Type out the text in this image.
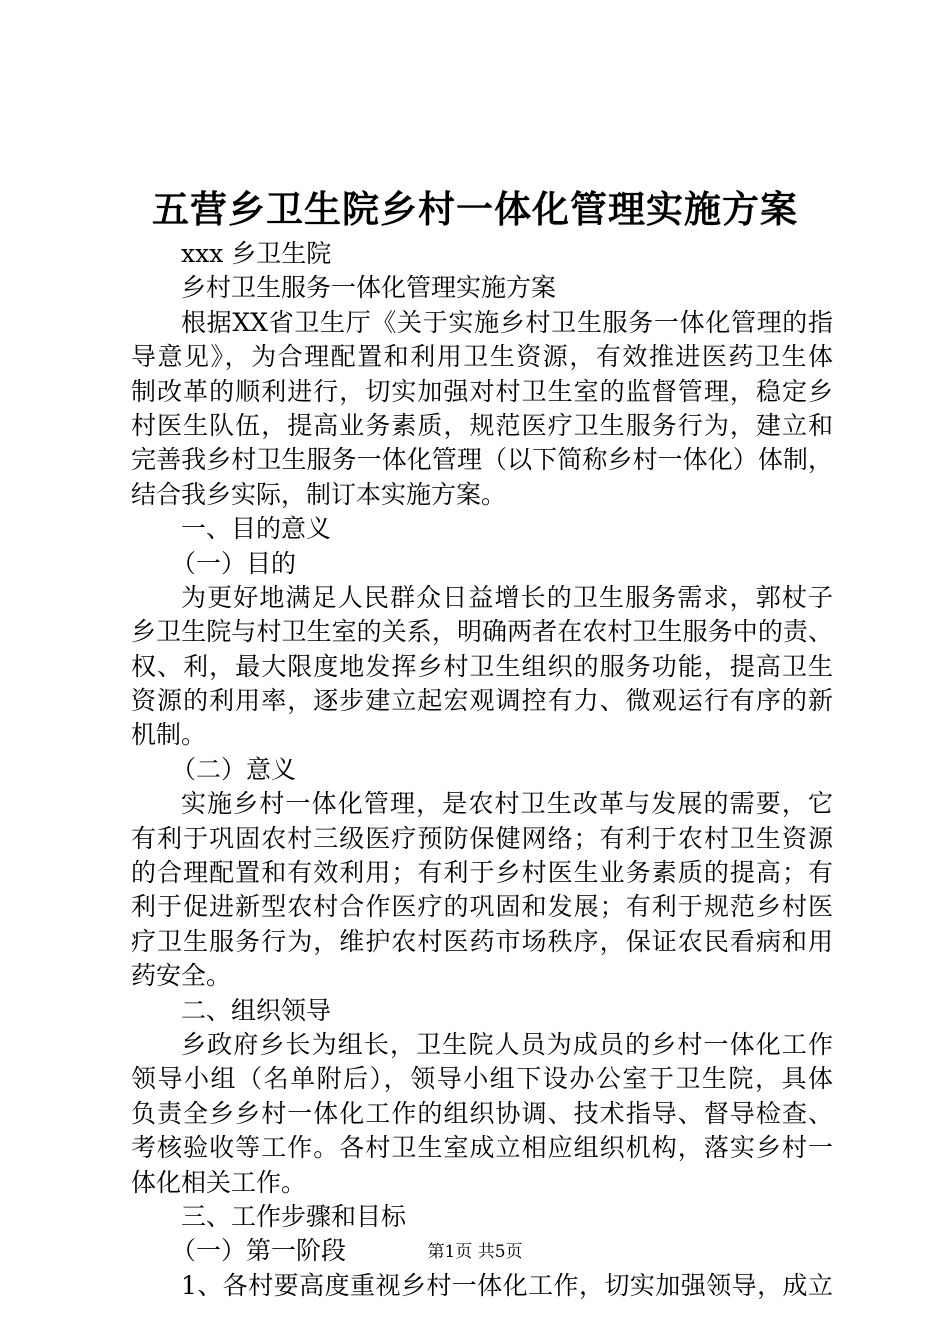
五营乡卫生院乡村一体化管理实施方案
xxx 乡卫生院
乡村卫生服务一体化管理实施方案
根据XX省卫生厅《关于实施乡村卫生服务一体化管理的指
导意见》，为合理配置和利用卫生资源，有效推进医药卫生体
制改革的顺利进行，切实加强对村卫生室的监督管理，稳定乡
村医生队伍，提高业务素质，规范医疗卫生服务行为，建立和
完善我乡村卫生服务一体化管理（以下简称乡村一体化）体制，
结合我乡实际，制订本实施方案。
一、目的意义
（一）目的
为更好地满足人民群众日益增长的卫生服务需求，郭杖子
乡卫生院与村卫生室的关系，明确两者在农村卫生服务中的责、
权、利，最大限度地发挥乡村卫生组织的服务功能，提高卫生
资源的利用率，逐步建立起宏观调控有力、微观运行有序的新
机制。
（二）意义
实施乡村一体化管理，是农村卫生改革与发展的需要，它
有利于巩固农村三级医疗预防保健网络；有利于农村卫生资源
的合理配置和有效利用；有利于乡村医生业务素质的提高；有
利于促进新型农村合作医疗的巩固和发展；有利于规范乡村医
疗卫生服务行为，维护农村医药市场秩序，保证农民看病和用
药安全。
二、组织领导
乡政府乡长为组长，卫生院人员为成员的乡村一体化工作
领导小组（名单附后），领导小组下设办公室于卫生院，具体
负责全乡乡村一体化工作的组织协调、技术指导、督导检查、
考核验收等工作。各村卫生室成立相应组织机构，落实乡村一
体化相关工作。
三、工作步骤和目标
（一）第一阶段
1、各村要高度重视乡村一体化工作，切实加强领导，成立
第1页 共5页
